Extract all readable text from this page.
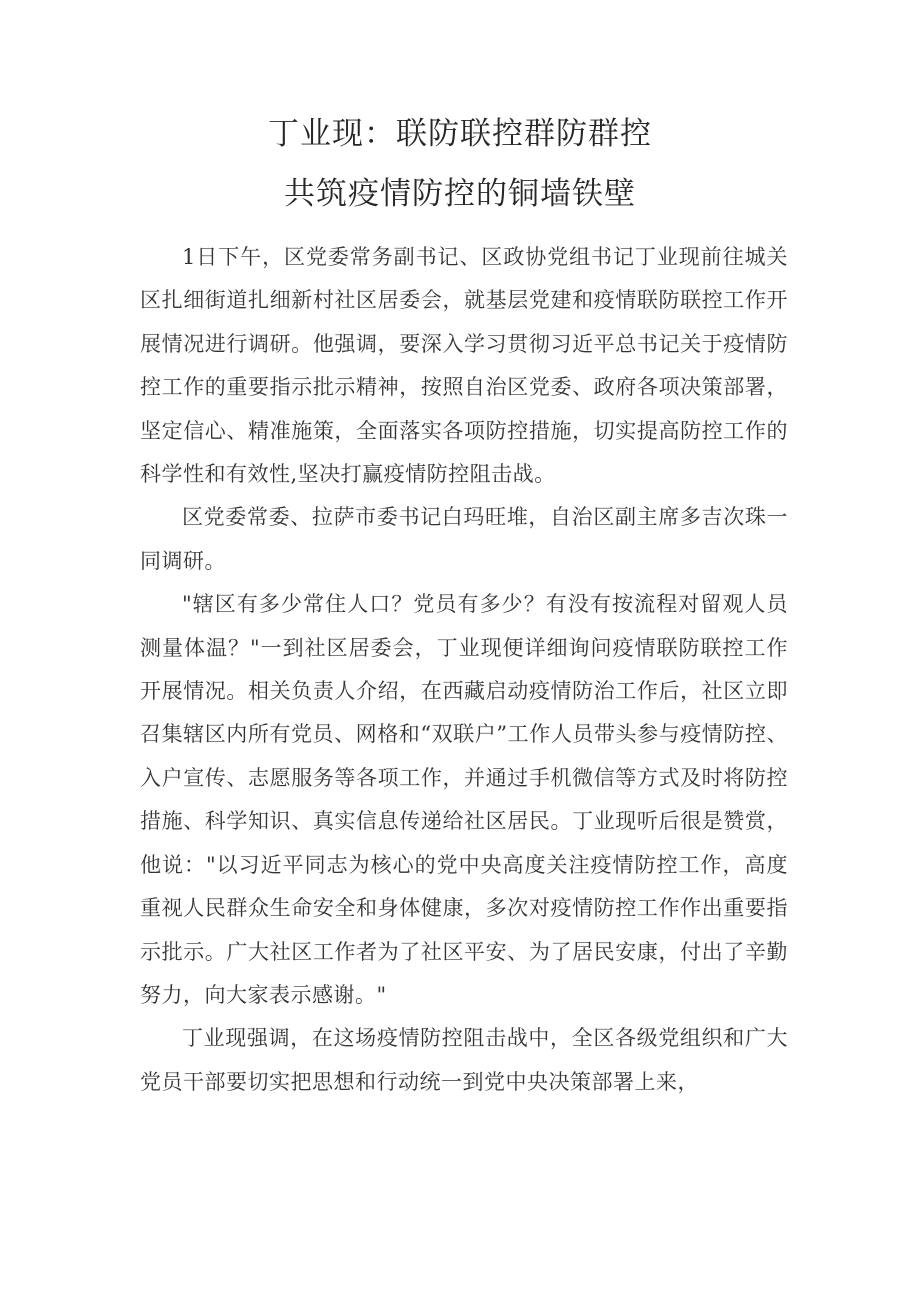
丁业现：联防联控群防群控
共筑疫情防控的铜墙铁壁

1日下午，区党委常务副书记、区政协党组书记丁业现前往城关区扎细街道扎细新村社区居委会，就基层党建和疫情联防联控工作开展情况进行调研。他强调，要深入学习贯彻习近平总书记关于疫情防控工作的重要指示批示精神，按照自治区党委、政府各项决策部署，坚定信心、精准施策，全面落实各项防控措施，切实提高防控工作的科学性和有效性,坚决打赢疫情防控阻击战。

区党委常委、拉萨市委书记白玛旺堆，自治区副主席多吉次珠一同调研。

"辖区有多少常住人口？党员有多少？有没有按流程对留观人员测量体温？"一到社区居委会，丁业现便详细询问疫情联防联控工作开展情况。相关负责人介绍，在西藏启动疫情防治工作后，社区立即召集辖区内所有党员、网格和“双联户”工作人员带头参与疫情防控、入户宣传、志愿服务等各项工作，并通过手机微信等方式及时将防控措施、科学知识、真实信息传递给社区居民。丁业现听后很是赞赏，他说："以习近平同志为核心的党中央高度关注疫情防控工作，高度重视人民群众生命安全和身体健康，多次对疫情防控工作作出重要指示批示。广大社区工作者为了社区平安、为了居民安康，付出了辛勤努力，向大家表示感谢。"

丁业现强调，在这场疫情防控阻击战中，全区各级党组织和广大党员干部要切实把思想和行动统一到党中央决策部署上来，
